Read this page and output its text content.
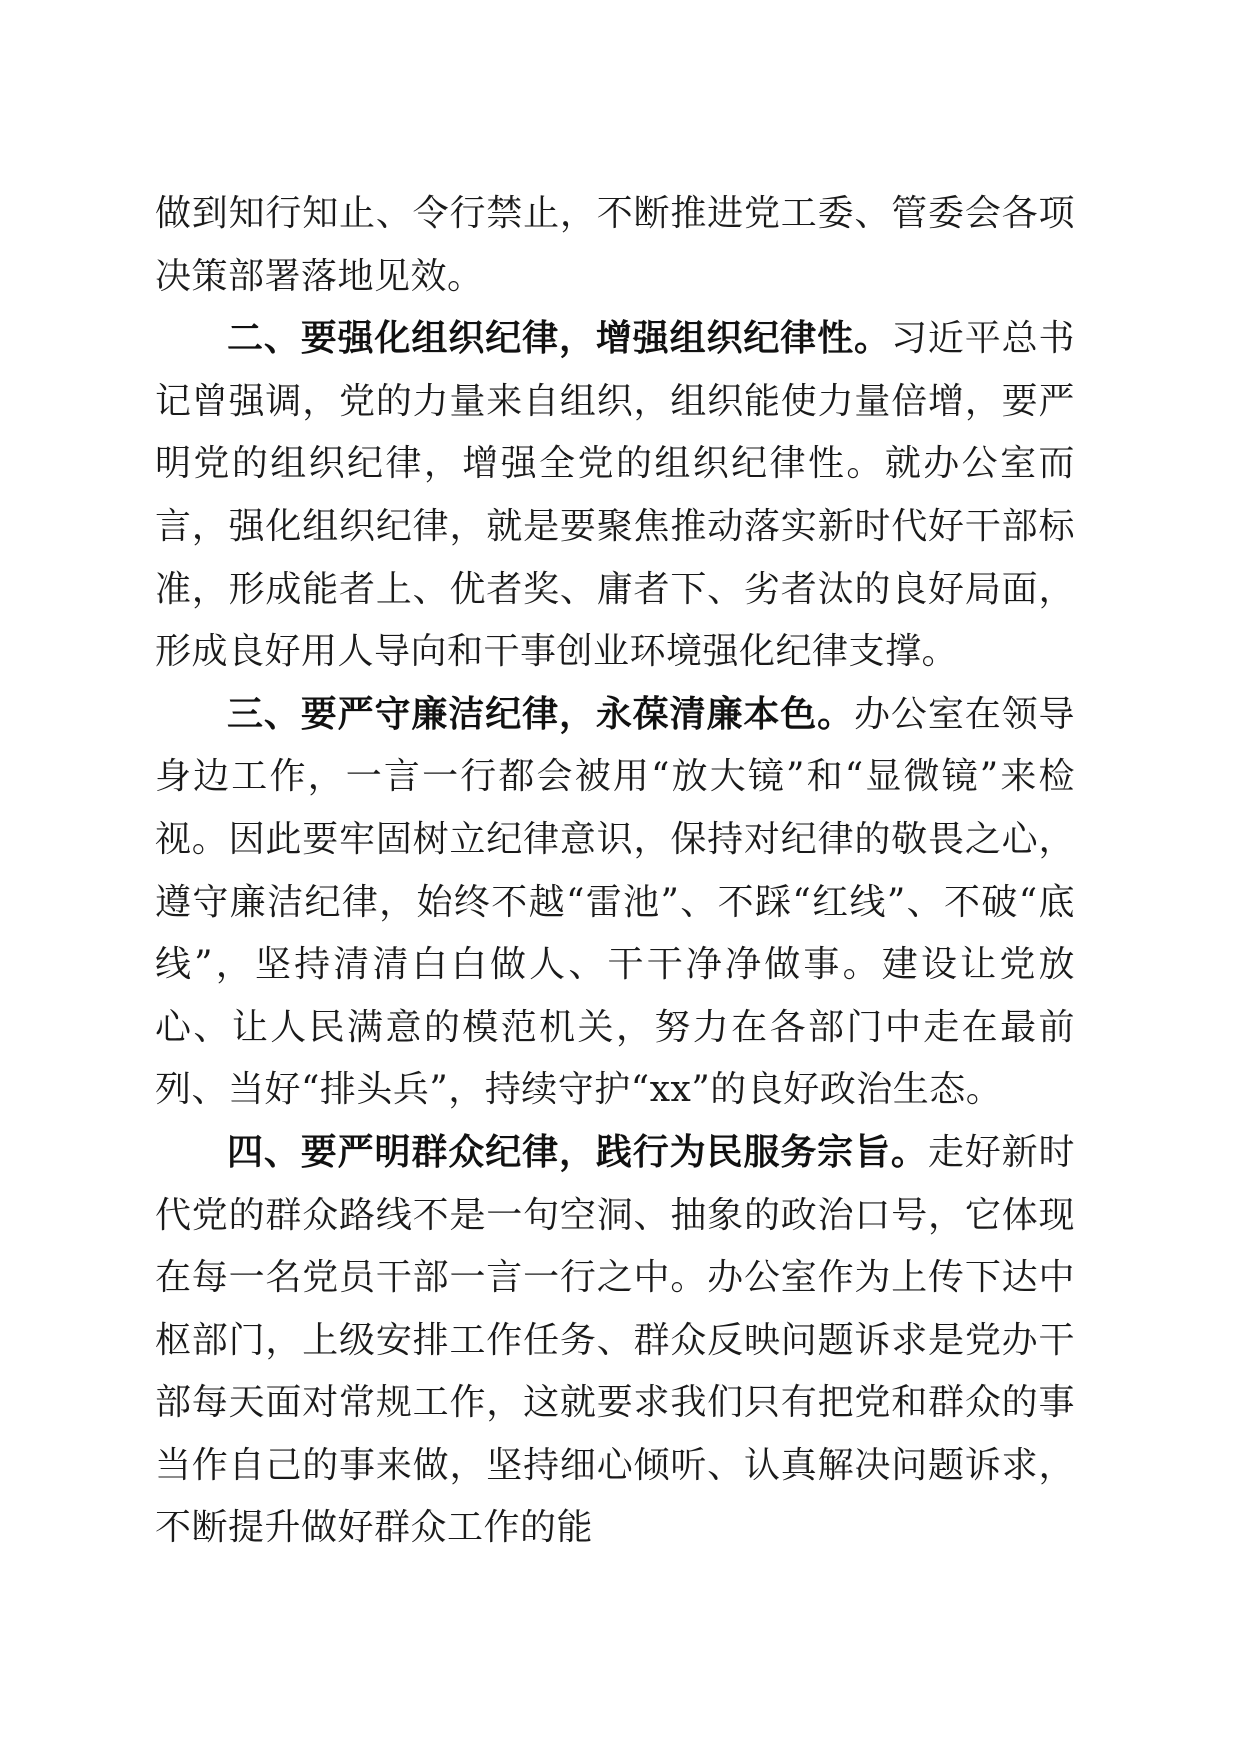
做到知行知止、令行禁止，不断推进党工委、管委会各项决策部署落地见效。

二、要强化组织纪律，增强组织纪律性。习近平总书记曾强调，党的力量来自组织，组织能使力量倍增，要严明党的组织纪律，增强全党的组织纪律性。就办公室而言，强化组织纪律，就是要聚焦推动落实新时代好干部标准，形成能者上、优者奖、庸者下、劣者汰的良好局面，形成良好用人导向和干事创业环境强化纪律支撑。

三、要严守廉洁纪律，永葆清廉本色。办公室在领导身边工作，一言一行都会被用“放大镜”和“显微镜”来检视。因此要牢固树立纪律意识，保持对纪律的敬畏之心，遵守廉洁纪律，始终不越“雷池”、不踩“红线”、不破“底线”，坚持清清白白做人、干干净净做事。建设让党放心、让人民满意的模范机关，努力在各部门中走在最前列、当好“排头兵”，持续守护“xx”的良好政治生态。

四、要严明群众纪律，践行为民服务宗旨。走好新时代党的群众路线不是一句空洞、抽象的政治口号，它体现在每一名党员干部一言一行之中。办公室作为上传下达中枢部门，上级安排工作任务、群众反映问题诉求是党办干部每天面对常规工作，这就要求我们只有把党和群众的事当作自己的事来做，坚持细心倾听、认真解决问题诉求，不断提升做好群众工作的能
